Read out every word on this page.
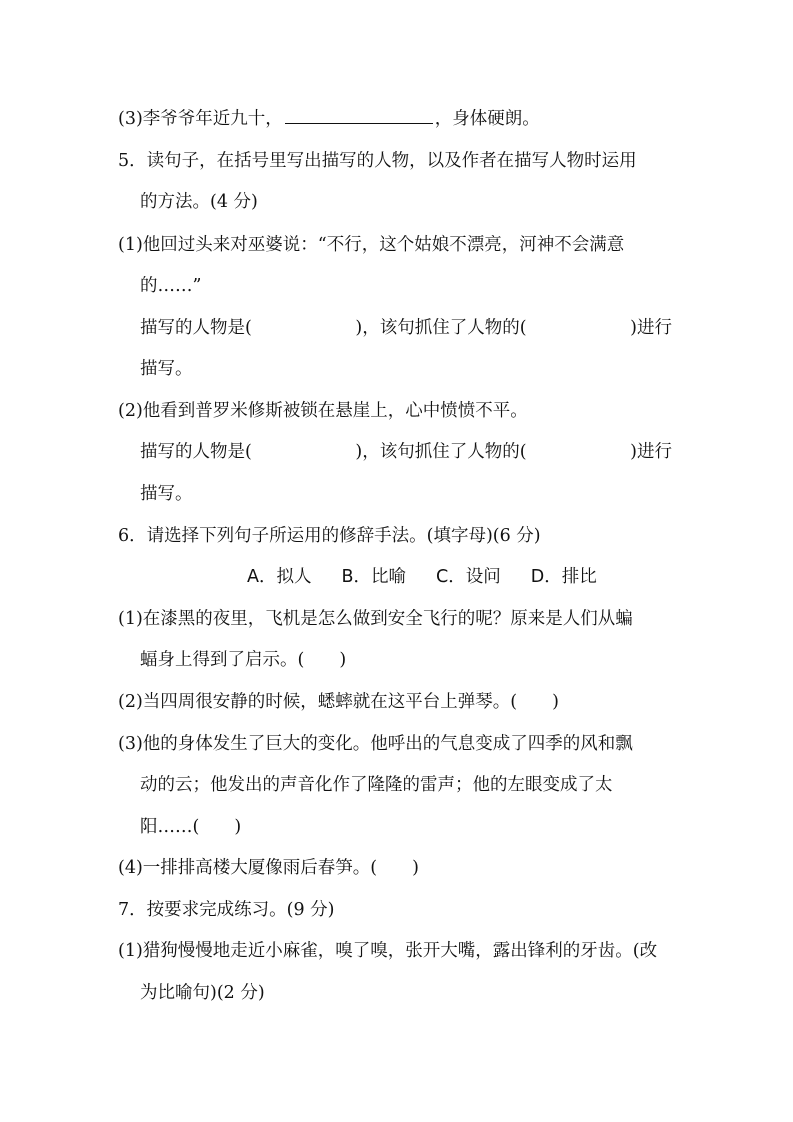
(3)李爷爷年近九十，	，身体硬朗。
5．读句子，在括号里写出描写的人物，以及作者在描写人物时运用
的方法。(4 分)
(1)他回过头来对巫婆说：“不行，这个姑娘不漂亮，河神不会满意
的……”
描写的人物是(	)，该句抓住了人物的(	)进行
描写。
(2)他看到普罗米修斯被锁在悬崖上，心中愤愤不平。
描写的人物是(	)，该句抓住了人物的(	)进行
描写。
6．请选择下列句子所运用的修辞手法。(填字母)(6 分)
A．拟人 B．比喻 C．设问 D．排比
(1)在漆黑的夜里，飞机是怎么做到安全飞行的呢？原来是人们从蝙
蝠身上得到了启示。(　　)
(2)当四周很安静的时候，蟋蟀就在这平台上弹琴。(　　)
(3)他的身体发生了巨大的变化。他呼出的气息变成了四季的风和飘
动的云；他发出的声音化作了隆隆的雷声；他的左眼变成了太
阳……(　　)
(4)一排排高楼大厦像雨后春笋。(　　)
7．按要求完成练习。(9 分)
(1)猎狗慢慢地走近小麻雀，嗅了嗅，张开大嘴，露出锋利的牙齿。(改
为比喻句)(2 分)
